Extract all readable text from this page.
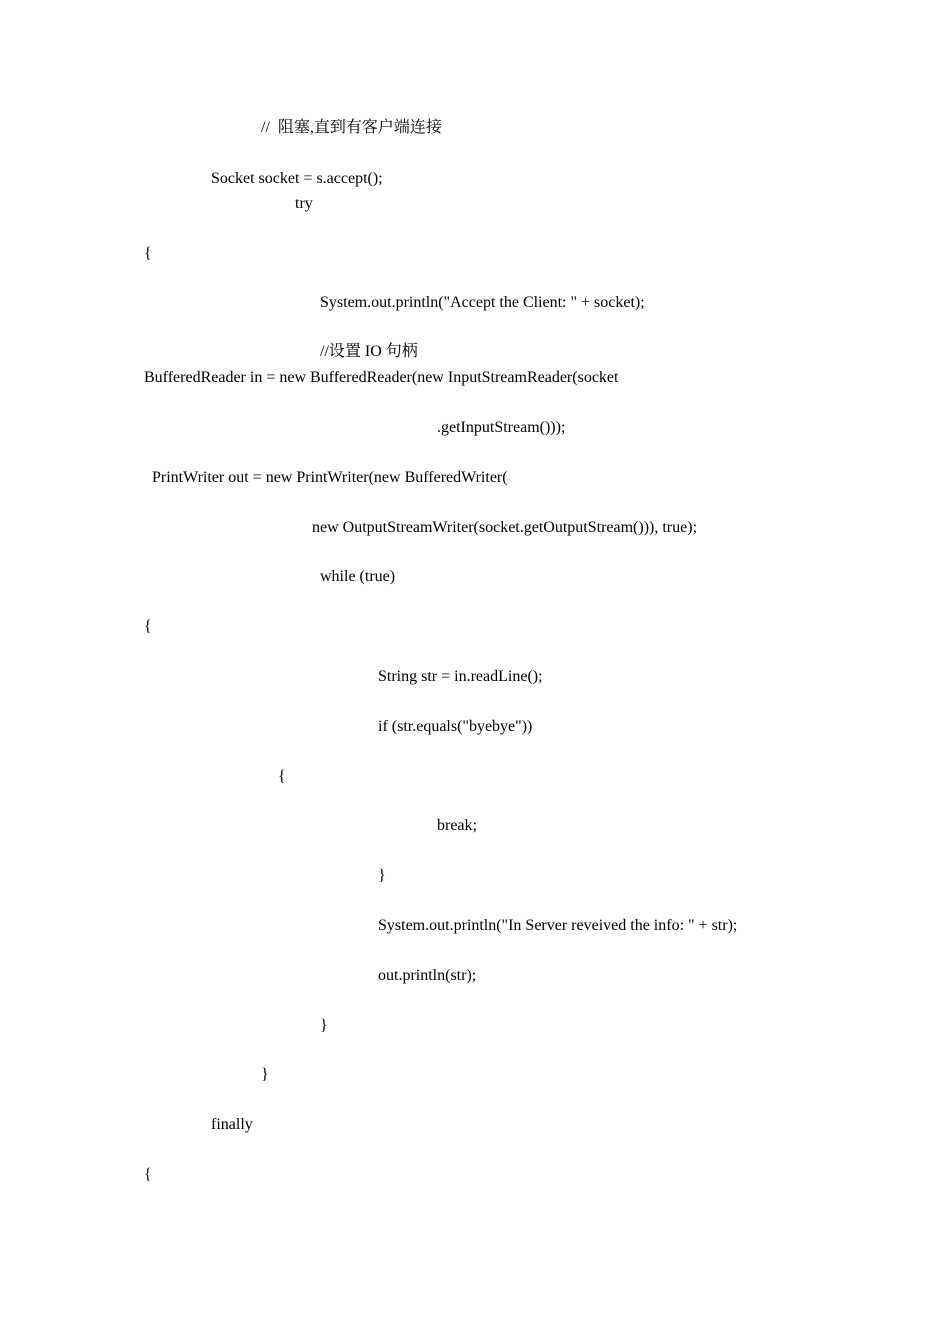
//  阻塞,直到有客户端连接
Socket socket = s.accept();
try
{
System.out.println("Accept the Client: " + socket);
//设置 IO 句柄
BufferedReader in = new BufferedReader(new InputStreamReader(socket
.getInputStream()));
PrintWriter out = new PrintWriter(new BufferedWriter(
new OutputStreamWriter(socket.getOutputStream())), true);
while (true)
{
String str = in.readLine();
if (str.equals("byebye"))
{
break;
}
System.out.println("In Server reveived the info: " + str);
out.println(str);
}
}
finally
{
